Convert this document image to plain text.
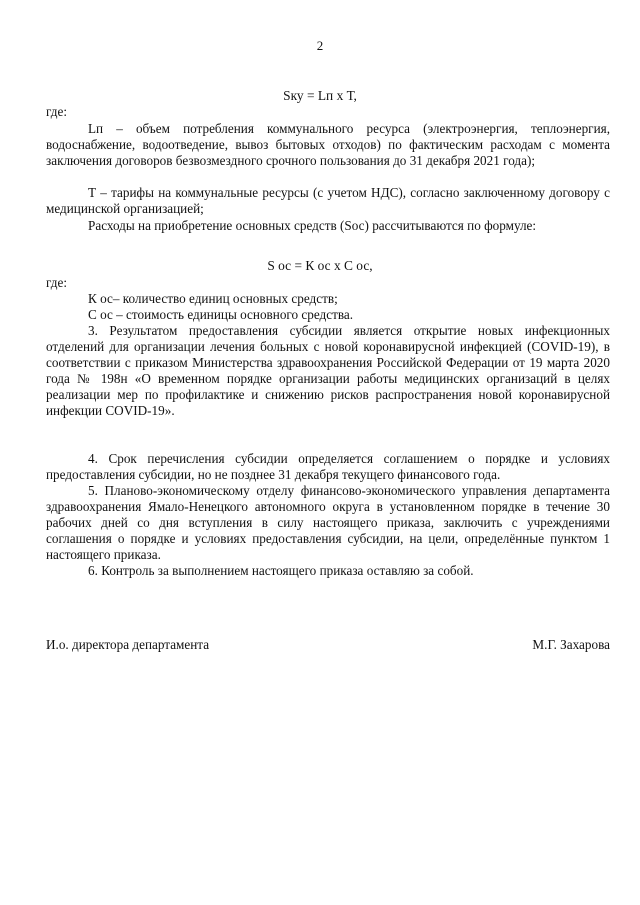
2
Sку = Lп х Т,
где:
Lп – объем потребления коммунального ресурса (электроэнергия, теплоэнергия, водоснабжение, водоотведение, вывоз бытовых отходов) по фактическим расходам с момента заключения договоров безвозмездного срочного пользования до 31 декабря 2021 года);
Т – тарифы на коммунальные ресурсы (с учетом НДС), согласно заключенному договору с медицинской организацией;
Расходы на приобретение основных средств (Sос) рассчитываются по формуле:
S ос = К ос х С ос,
где:
К ос– количество единиц основных средств;
С ос – стоимость единицы основного средства.
3. Результатом предоставления субсидии является открытие новых инфекционных отделений для организации лечения больных с новой коронавирусной инфекцией (COVID-19), в соответствии с приказом Министерства здравоохранения Российской Федерации от 19 марта 2020 года № 198н «О временном порядке организации работы медицинских организаций в целях реализации мер по профилактике и снижению рисков распространения новой коронавирусной инфекции COVID-19».
4. Срок перечисления субсидии определяется соглашением о порядке и условиях предоставления субсидии, но не позднее 31 декабря текущего финансового года.
5. Планово-экономическому отделу финансово-экономического управления департамента здравоохранения Ямало-Ненецкого автономного округа в установленном порядке в течение 30 рабочих дней со дня вступления в силу настоящего приказа, заключить с учреждениями соглашения о порядке и условиях предоставления субсидии, на цели, определённые пунктом 1 настоящего приказа.
6. Контроль за выполнением настоящего приказа оставляю за собой.
И.о. директора департамента	М.Г. Захарова
